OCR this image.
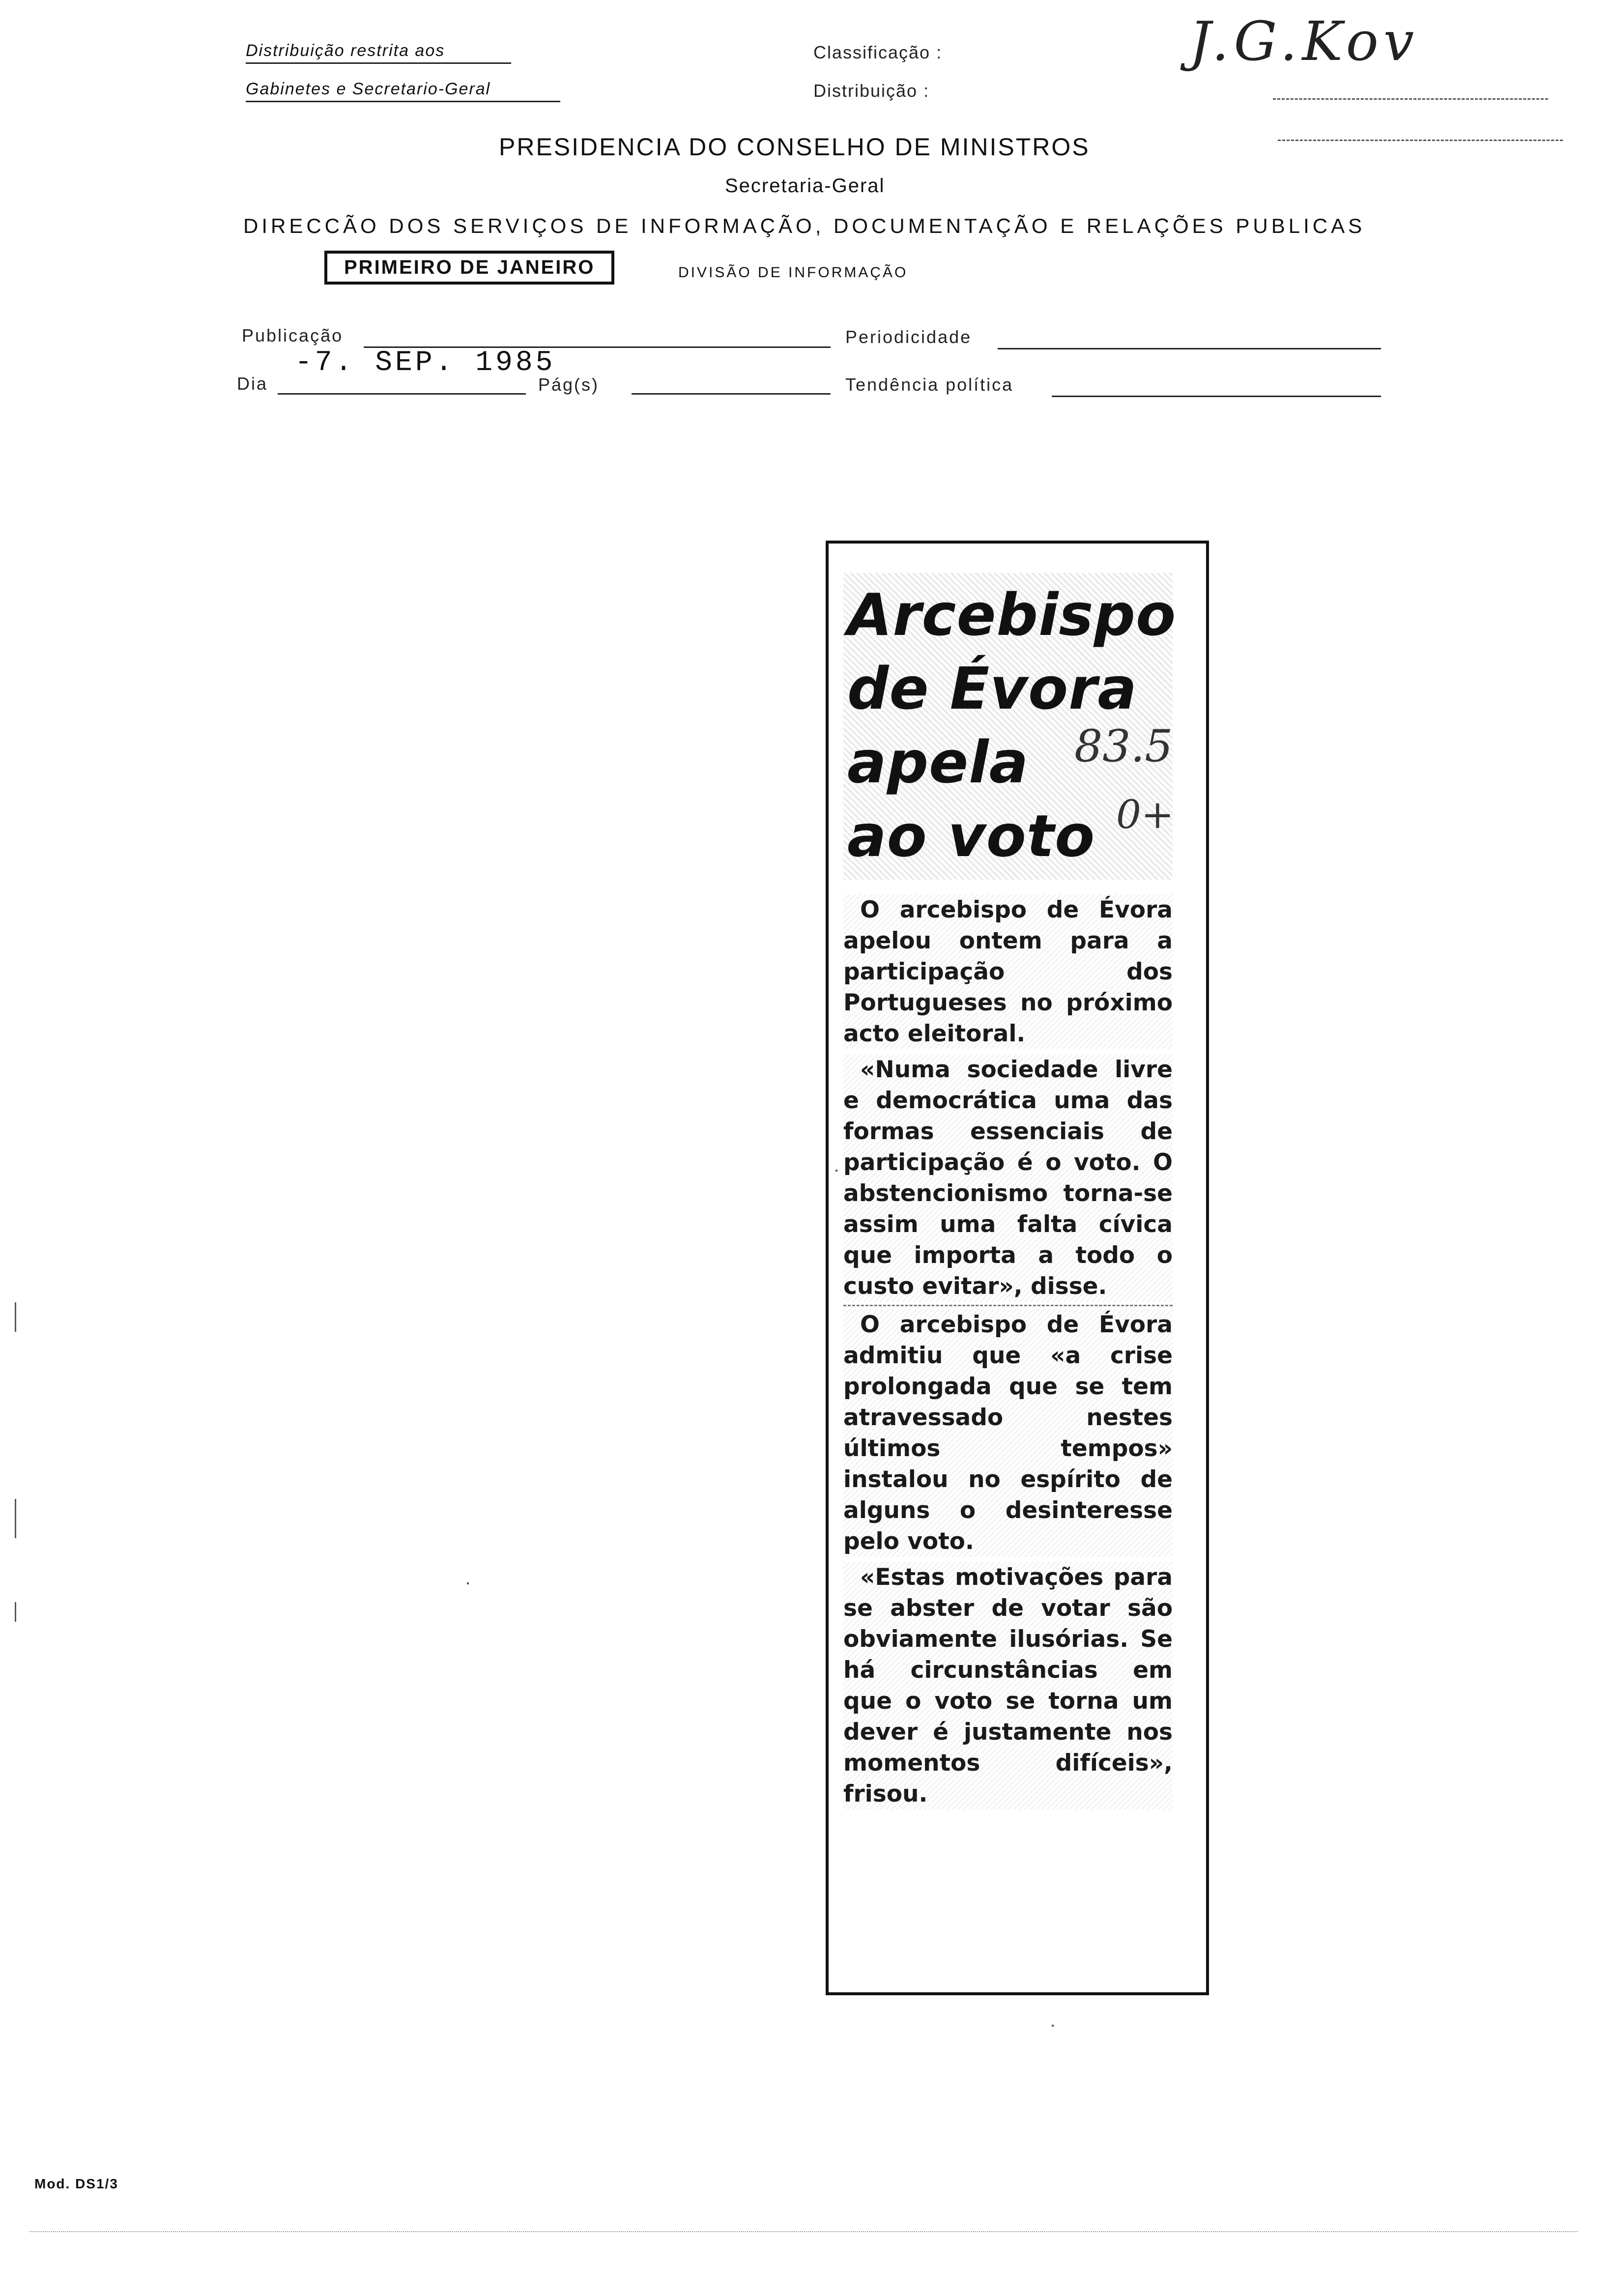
Distribuição restrita aos
Gabinetes e Secretario-Geral
Classificação :
Distribuição :
J.G.Kov
PRESIDENCIA DO CONSELHO DE MINISTROS
Secretaria-Geral
DIRECCÃO DOS SERVIÇOS DE INFORMAÇÃO, DOCUMENTAÇÃO E RELAÇÕES PUBLICAS
PRIMEIRO DE JANEIRO	DIVISÃO DE INFORMAÇÃO
Publicação	Periodicidade
Dia
-7. SEP. 1985
Pág(s)	Tendência política
Arcebispo
de Évora
apela
ao voto
83.5
0+

O arcebispo de Évora apelou ontem para a participação dos Portugueses no próximo acto eleitoral.

«Numa sociedade livre e democrática uma das formas essenciais de participação é o voto. O abstencionismo torna-se assim uma falta cívica que importa a todo o custo evitar», disse.

O arcebispo de Évora admitiu que «a crise prolongada que se tem atravessado nestes últimos tempos» instalou no espírito de alguns o desinteresse pelo voto.

«Estas motivações para se abster de votar são obviamente ilusórias. Se há circunstâncias em que o voto se torna um dever é justamente nos momentos difíceis», frisou.

Mod. DS1/3
